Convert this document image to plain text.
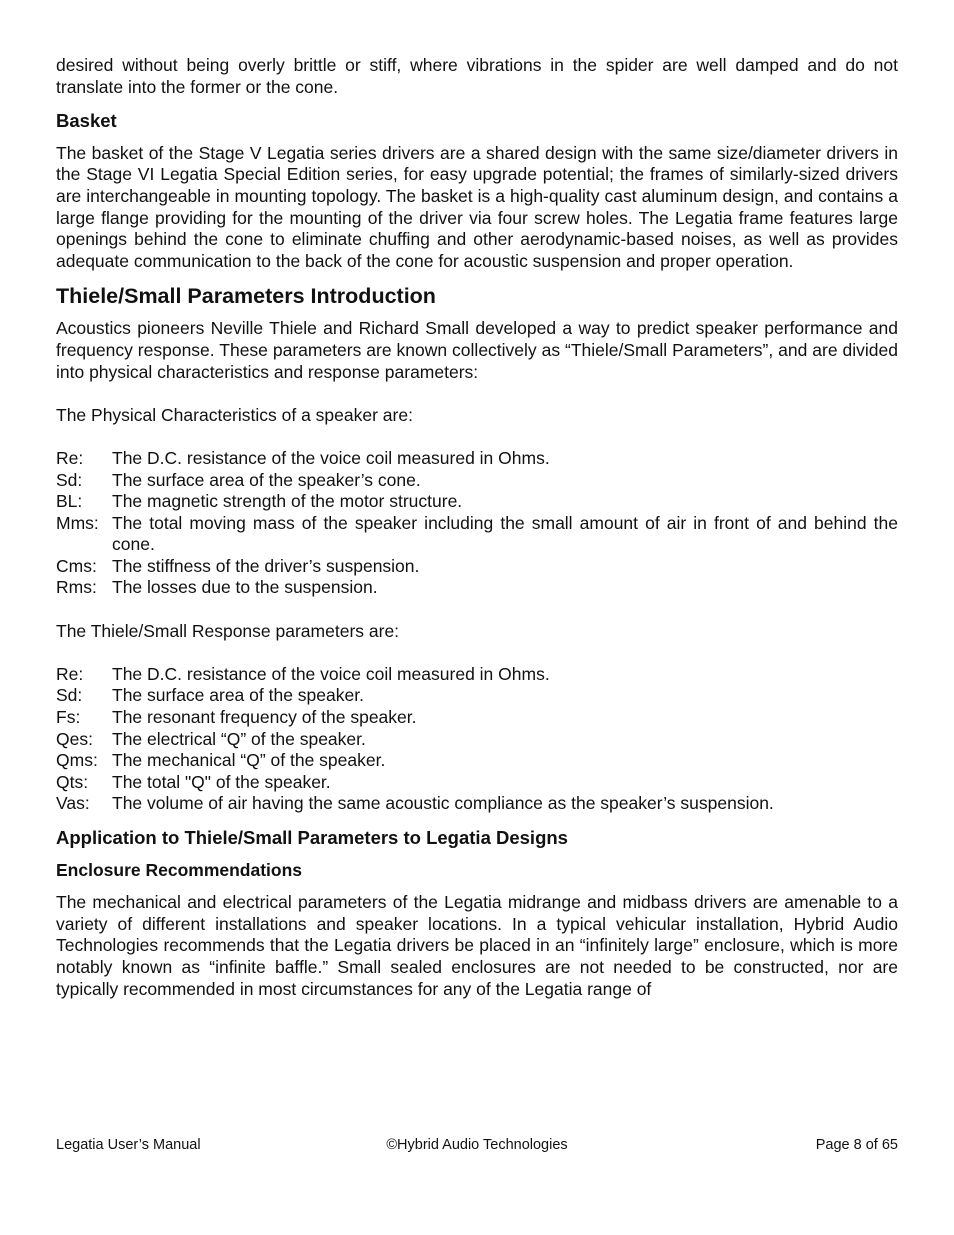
desired without being overly brittle or stiff, where vibrations in the spider are well damped and do not translate into the former or the cone.

Basket

The basket of the Stage V Legatia series drivers are a shared design with the same size/diameter drivers in the Stage VI Legatia Special Edition series, for easy upgrade potential; the frames of similarly-sized drivers are interchangeable in mounting topology. The basket is a high-quality cast aluminum design, and contains a large flange providing for the mounting of the driver via four screw holes. The Legatia frame features large openings behind the cone to eliminate chuffing and other aerodynamic-based noises, as well as provides adequate communication to the back of the cone for acoustic suspension and proper operation.

Thiele/Small Parameters Introduction

Acoustics pioneers Neville Thiele and Richard Small developed a way to predict speaker performance and frequency response. These parameters are known collectively as “Thiele/Small Parameters”, and are divided into physical characteristics and response parameters:

The Physical Characteristics of a speaker are:

Re:	The D.C. resistance of the voice coil measured in Ohms.
Sd:	The surface area of the speaker’s cone.
BL:	The magnetic strength of the motor structure.
Mms: The total moving mass of the speaker including the small amount of air in front of and behind the cone.
Cms: The stiffness of the driver’s suspension.
Rms: The losses due to the suspension.

The Thiele/Small Response parameters are:

Re:	The D.C. resistance of the voice coil measured in Ohms.
Sd:	The surface area of the speaker.
Fs:	The resonant frequency of the speaker.
Qes:	The electrical “Q” of the speaker.
Qms: The mechanical “Q” of the speaker.
Qts:	The total "Q" of the speaker.
Vas:	The volume of air having the same acoustic compliance as the speaker’s suspension.
Application to Thiele/Small Parameters to Legatia Designs
Enclosure Recommendations

The mechanical and electrical parameters of the Legatia midrange and midbass drivers are amenable to a variety of different installations and speaker locations. In a typical vehicular installation, Hybrid Audio Technologies recommends that the Legatia drivers be placed in an “infinitely large” enclosure, which is more notably known as “infinite baffle.” Small sealed enclosures are not needed to be constructed, nor are typically recommended in most circumstances for any of the Legatia range of

Legatia User’s Manual	©Hybrid Audio Technologies	Page 8 of 65
